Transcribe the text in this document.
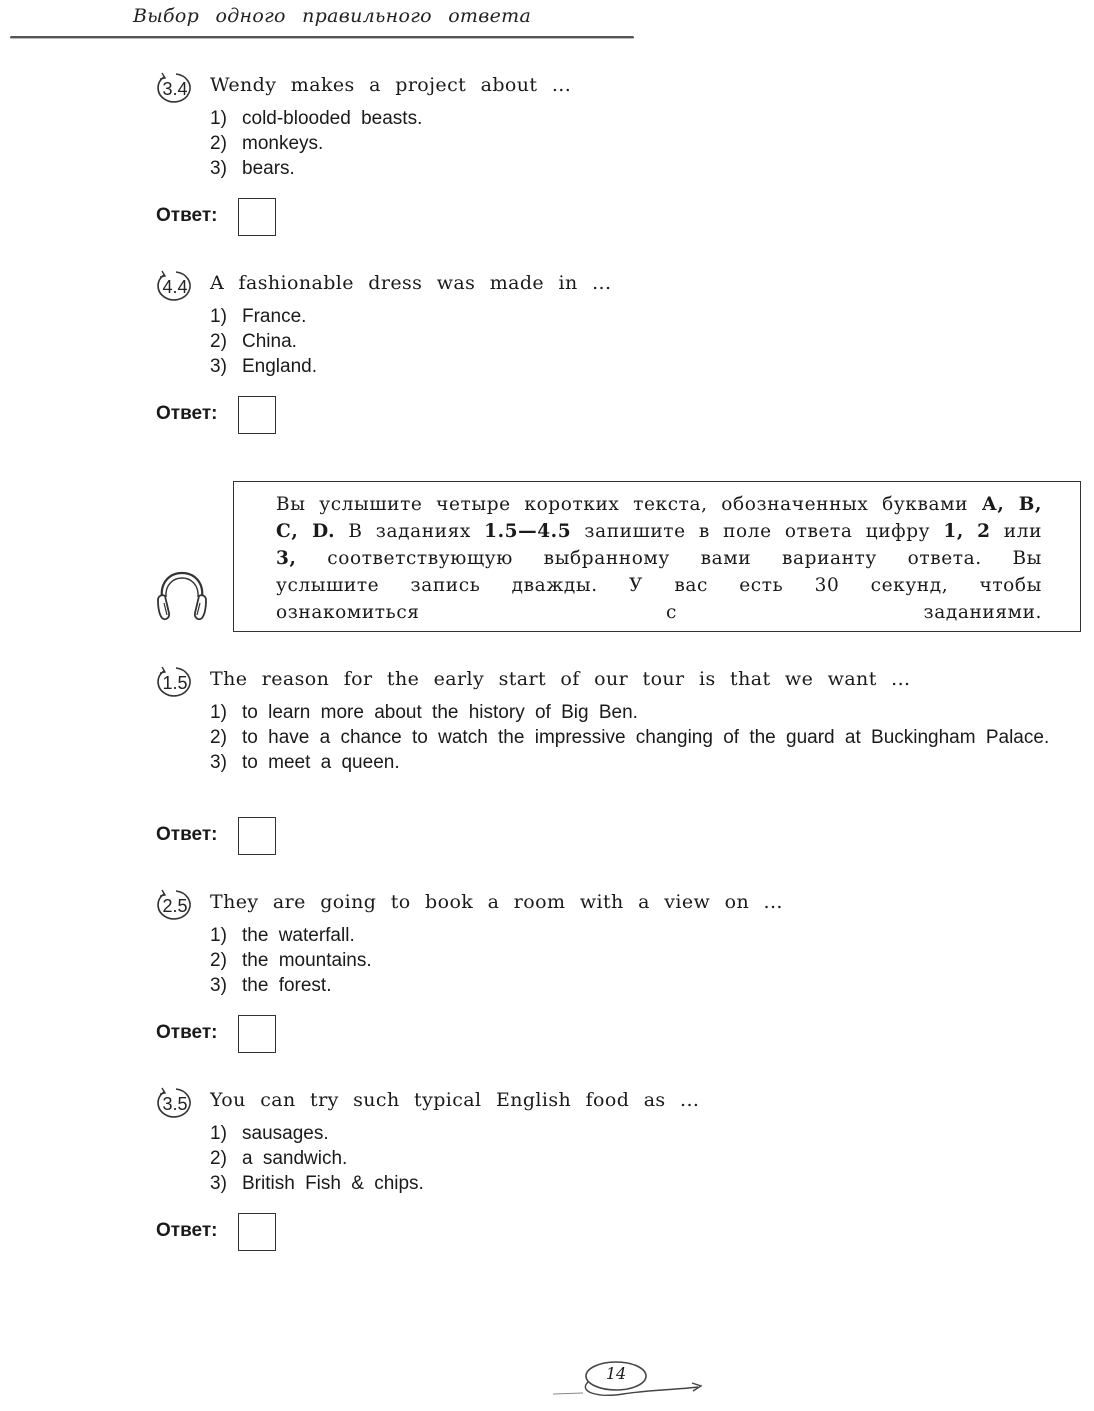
Выбор одного правильного ответа
3.4	Wendy makes a project about ...
1) cold-blooded beasts.
2) monkeys.
3) bears.
Ответ:
4.4	A fashionable dress was made in ...
1) France.
2) China.
3) England.
Ответ:

Вы услышите четыре коротких текста, обозначенных буквами А, В, С, D. В заданиях 1.5—4.5 запишите в поле ответа цифру 1, 2 или 3, соответствующую выбранному вами варианту ответа. Вы услышите запись дважды. У вас есть 30 секунд, чтобы ознакомиться с заданиями.

1.5	The reason for the early start of our tour is that we want ...
1) to learn more about the history of Big Ben.
2) to have a chance to watch the impressive changing of the guard at Buckingham Palace.
3) to meet a queen.
Ответ:
2.5	They are going to book a room with a view on ...
1) the waterfall.
2) the mountains.
3) the forest.
Ответ:
3.5	You can try such typical English food as ...
1) sausages.
2) a sandwich.
3) British Fish & chips.
Ответ:
14
